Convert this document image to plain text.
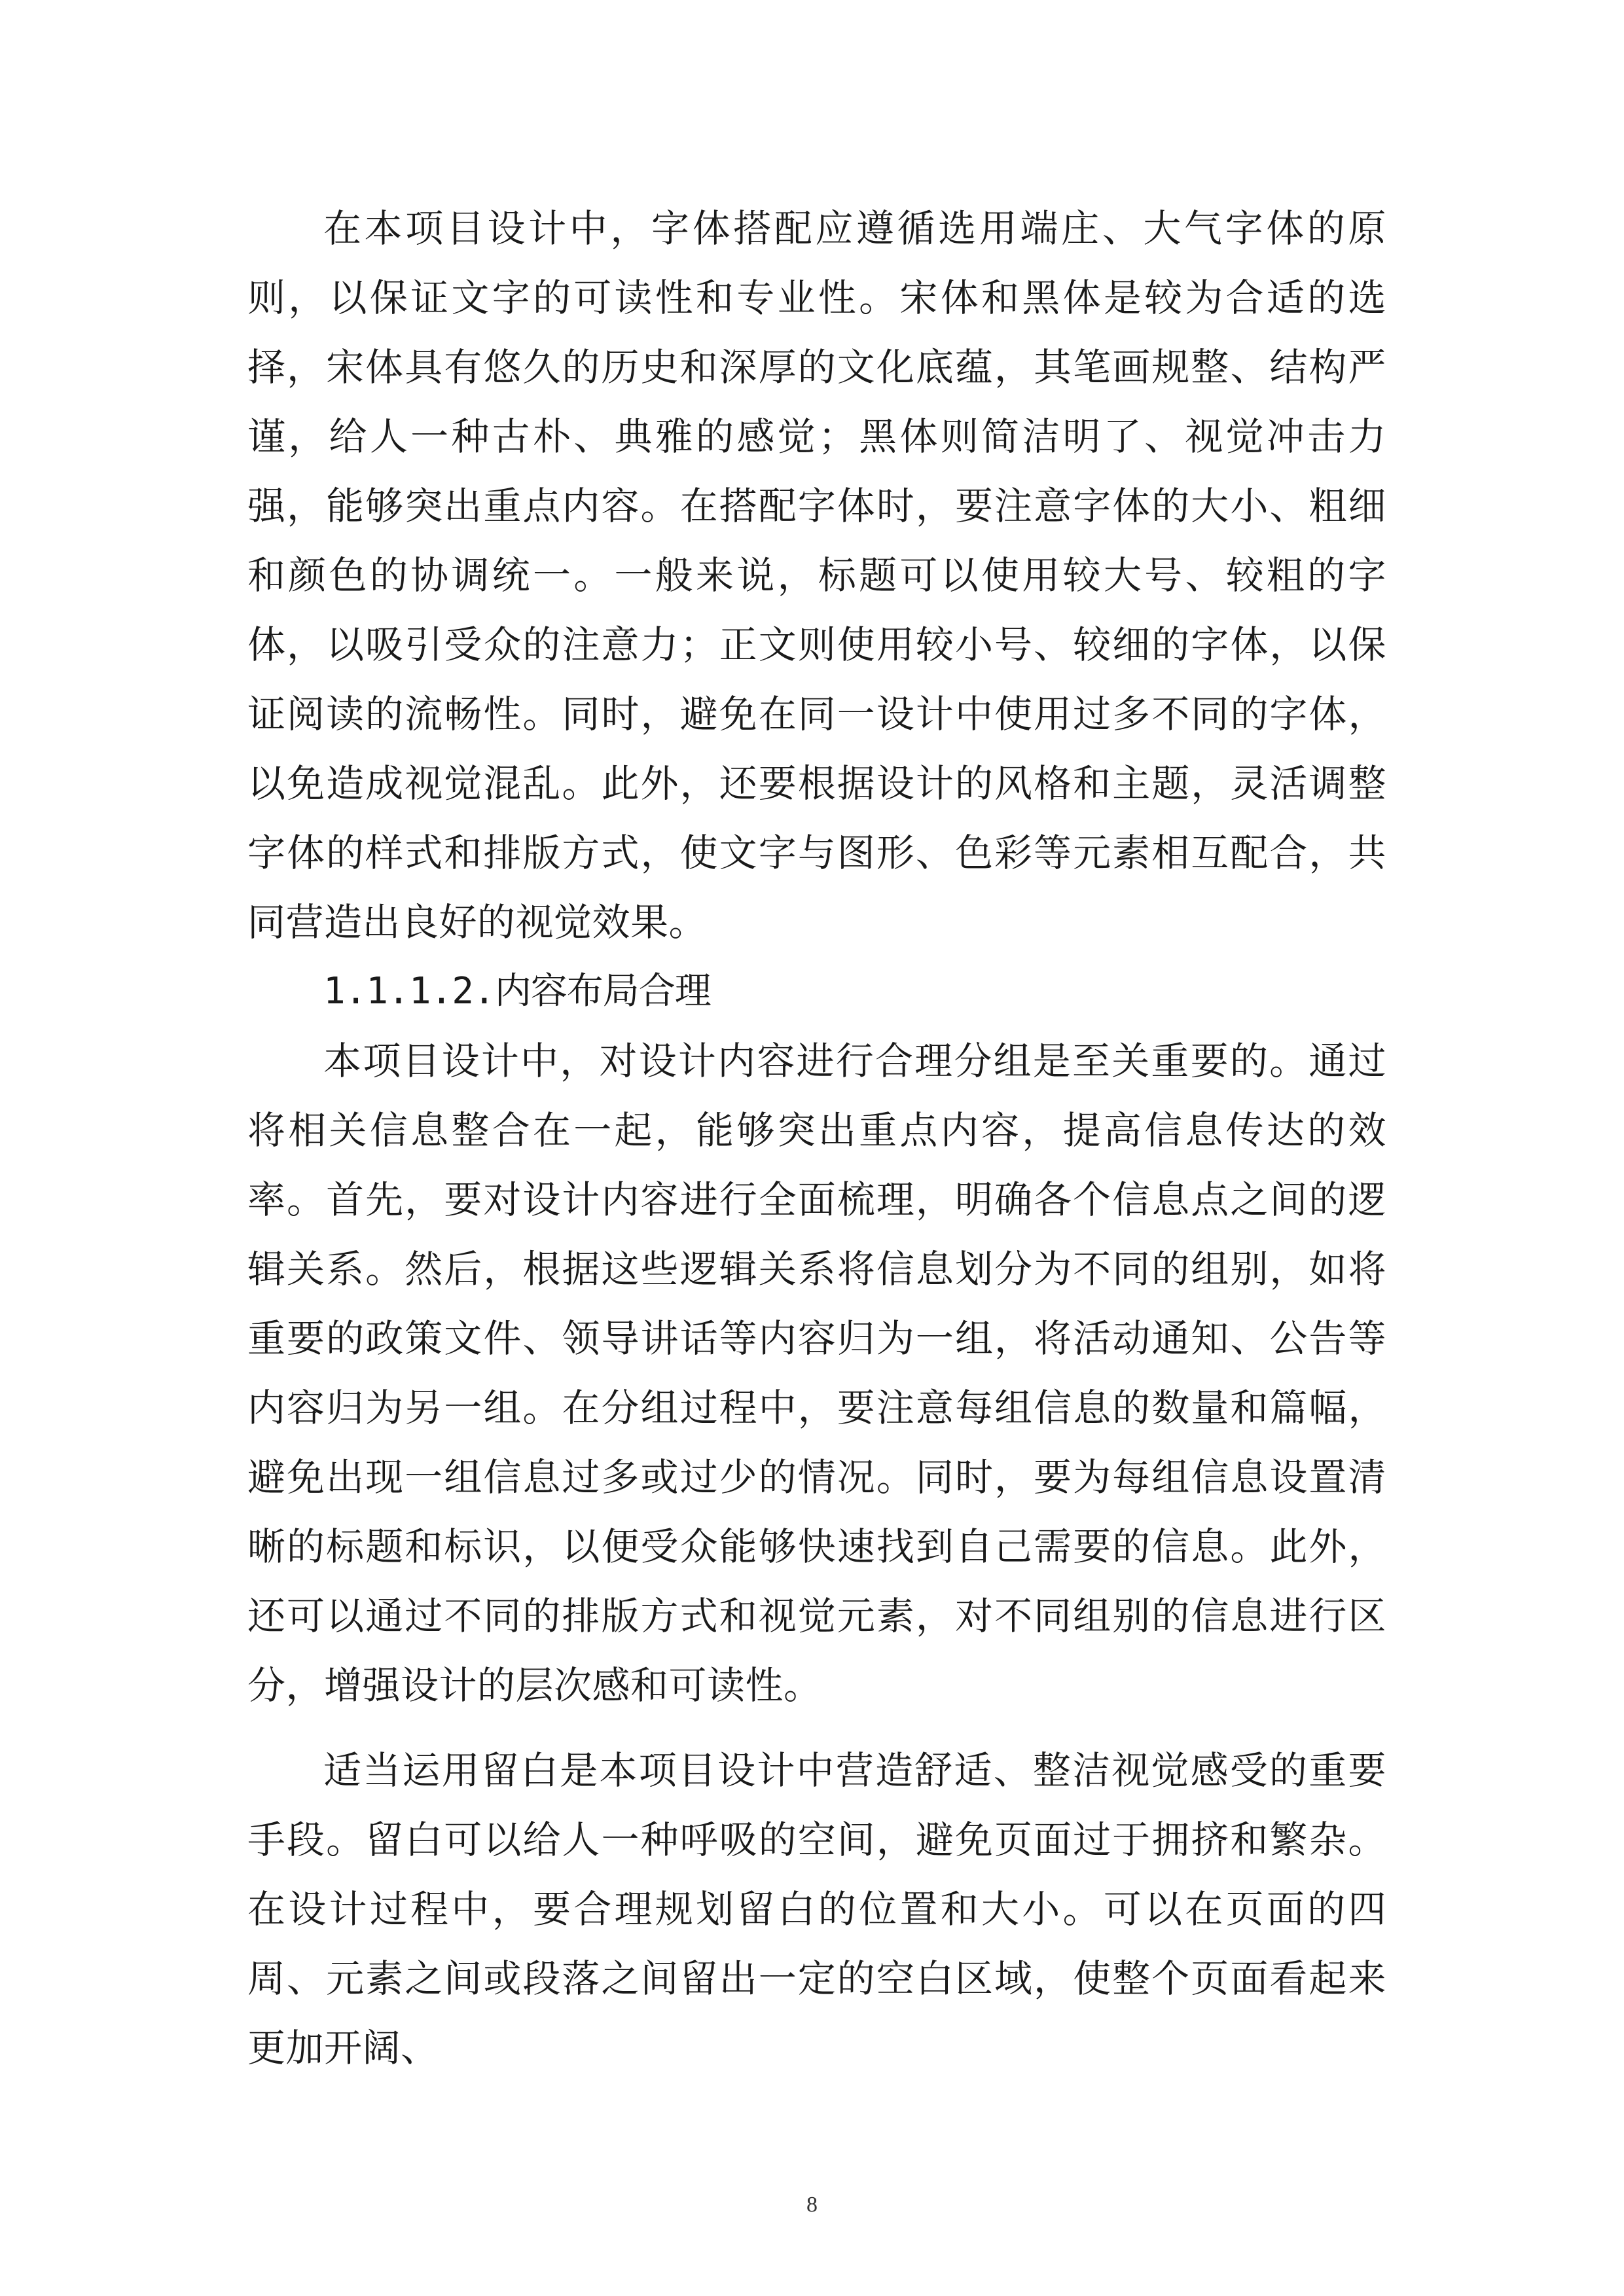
在本项目设计中，字体搭配应遵循选用端庄、大气字体的原则，以保证文字的可读性和专业性。宋体和黑体是较为合适的选择，宋体具有悠久的历史和深厚的文化底蕴，其笔画规整、结构严谨，给人一种古朴、典雅的感觉；黑体则简洁明了、视觉冲击力强，能够突出重点内容。在搭配字体时，要注意字体的大小、粗细和颜色的协调统一。一般来说，标题可以使用较大号、较粗的字体，以吸引受众的注意力；正文则使用较小号、较细的字体，以保证阅读的流畅性。同时，避免在同一设计中使用过多不同的字体，以免造成视觉混乱。此外，还要根据设计的风格和主题，灵活调整字体的样式和排版方式，使文字与图形、色彩等元素相互配合，共同营造出良好的视觉效果。

1.1.1.2.内容布局合理

本项目设计中，对设计内容进行合理分组是至关重要的。通过将相关信息整合在一起，能够突出重点内容，提高信息传达的效率。首先，要对设计内容进行全面梳理，明确各个信息点之间的逻辑关系。然后，根据这些逻辑关系将信息划分为不同的组别，如将重要的政策文件、领导讲话等内容归为一组，将活动通知、公告等内容归为另一组。在分组过程中，要注意每组信息的数量和篇幅，避免出现一组信息过多或过少的情况。同时，要为每组信息设置清晰的标题和标识，以便受众能够快速找到自己需要的信息。此外，还可以通过不同的排版方式和视觉元素，对不同组别的信息进行区分，增强设计的层次感和可读性。

适当运用留白是本项目设计中营造舒适、整洁视觉感受的重要手段。留白可以给人一种呼吸的空间，避免页面过于拥挤和繁杂。在设计过程中，要合理规划留白的位置和大小。可以在页面的四周、元素之间或段落之间留出一定的空白区域，使整个页面看起来更加开阔、

8
